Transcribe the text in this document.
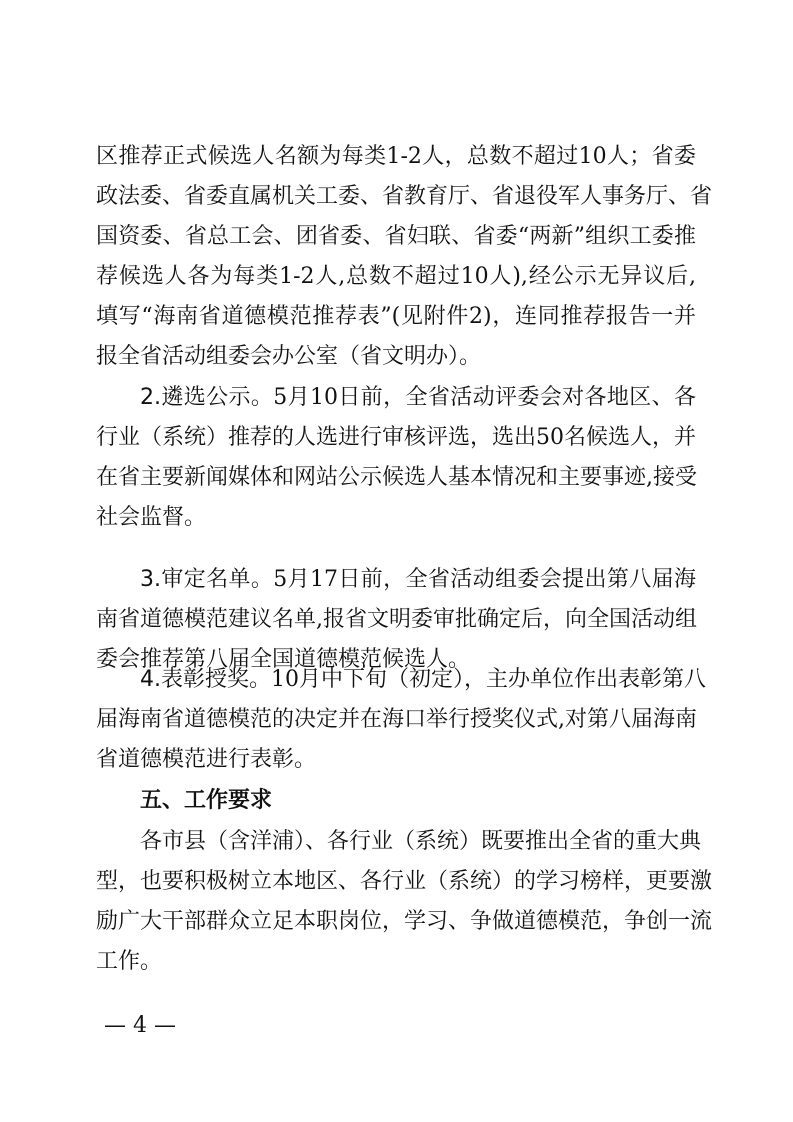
区推荐正式候选人名额为每类1-2人，总数不超过10人；省委
政法委、省委直属机关工委、省教育厅、省退役军人事务厅、省
国资委、省总工会、团省委、省妇联、省委“两新”组织工委推
荐候选人各为每类1-2人,总数不超过10人),经公示无异议后,
填写“海南省道德模范推荐表”(见附件2)，连同推荐报告一并
报全省活动组委会办公室（省文明办）。
2.遴选公示。5月10日前，全省活动评委会对各地区、各
行业（系统）推荐的人选进行审核评选，选出50名候选人，并
在省主要新闻媒体和网站公示候选人基本情况和主要事迹,接受
社会监督。
3.审定名单。5月17日前，全省活动组委会提出第八届海
南省道德模范建议名单,报省文明委审批确定后，向全国活动组
委会推荐第八届全国道德模范候选人。
4.表彰授奖。10月中下旬（初定），主办单位作出表彰第八
届海南省道德模范的决定并在海口举行授奖仪式,对第八届海南
省道德模范进行表彰。
五、工作要求
各市县（含洋浦）、各行业（系统）既要推出全省的重大典
型，也要积极树立本地区、各行业（系统）的学习榜样，更要激
励广大干部群众立足本职岗位，学习、争做道德模范，争创一流
工作。
— 4 —
